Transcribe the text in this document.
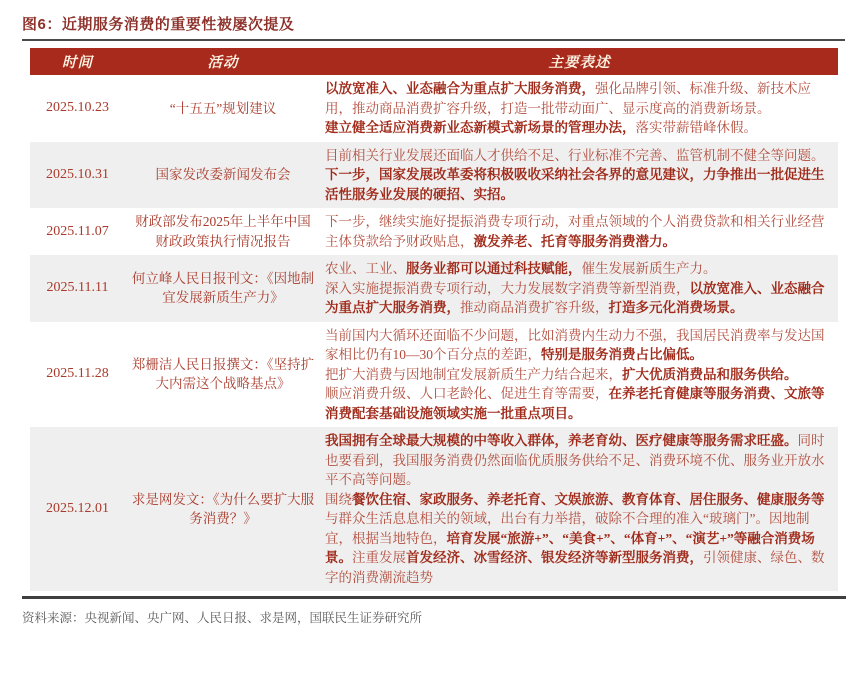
图6：近期服务消费的重要性被屡次提及
时间	活动	主要表述
2025.10.23	“十五五”规划建议	以放宽准入、业态融合为重点扩大服务消费，强化品牌引领、标准升级、新技术应用，推动商品消费扩容升级，打造一批带动面广、显示度高的消费新场景。
建立健全适应消费新业态新模式新场景的管理办法，落实带薪错峰休假。

2025.10.31	国家发改委新闻发布会	目前相关行业发展还面临人才供给不足、行业标准不完善、监管机制不健全等问题。下一步，国家发展改革委将积极吸收采纳社会各界的意见建议，力争推出一批促进生活性服务业发展的硬招、实招。

2025.11.07	财政部发布2025年上半年中国财政政策执行情况报告	下一步，继续实施好提振消费专项行动，对重点领域的个人消费贷款和相关行业经营主体贷款给予财政贴息，激发养老、托育等服务消费潜力。

2025.11.11	何立峰人民日报刊文：《因地制宜发展新质生产力》	农业、工业、服务业都可以通过科技赋能，催生发展新质生产力。
深入实施提振消费专项行动，大力发展数字消费等新型消费，以放宽准入、业态融合为重点扩大服务消费，推动商品消费扩容升级，打造多元化消费场景。

2025.11.28	郑栅洁人民日报撰文：《坚持扩大内需这个战略基点》	当前国内大循环还面临不少问题，比如消费内生动力不强，我国居民消费率与发达国家相比仍有10—30个百分点的差距，特别是服务消费占比偏低。
把扩大消费与因地制宜发展新质生产力结合起来，扩大优质消费品和服务供给。
顺应消费升级、人口老龄化、促进生育等需要，在养老托育健康等服务消费、文旅等消费配套基础设施领域实施一批重点项目。

2025.12.01	求是网发文：《为什么要扩大服务消费？》	我国拥有全球最大规模的中等收入群体，养老育幼、医疗健康等服务需求旺盛。同时也要看到，我国服务消费仍然面临优质服务供给不足、消费环境不优、服务业开放水平不高等问题。
围绕餐饮住宿、家政服务、养老托育、文娱旅游、教育体育、居住服务、健康服务等与群众生活息息相关的领域，出台有力举措，破除不合理的准入“玻璃门”。因地制宜，根据当地特色，培育发展“旅游+”、“美食+”、“体育+”、“演艺+”等融合消费场景。注重发展首发经济、冰雪经济、银发经济等新型服务消费，引领健康、绿色、数字的消费潮流趋势
资料来源：央视新闻、央广网、人民日报、求是网，国联民生证券研究所
